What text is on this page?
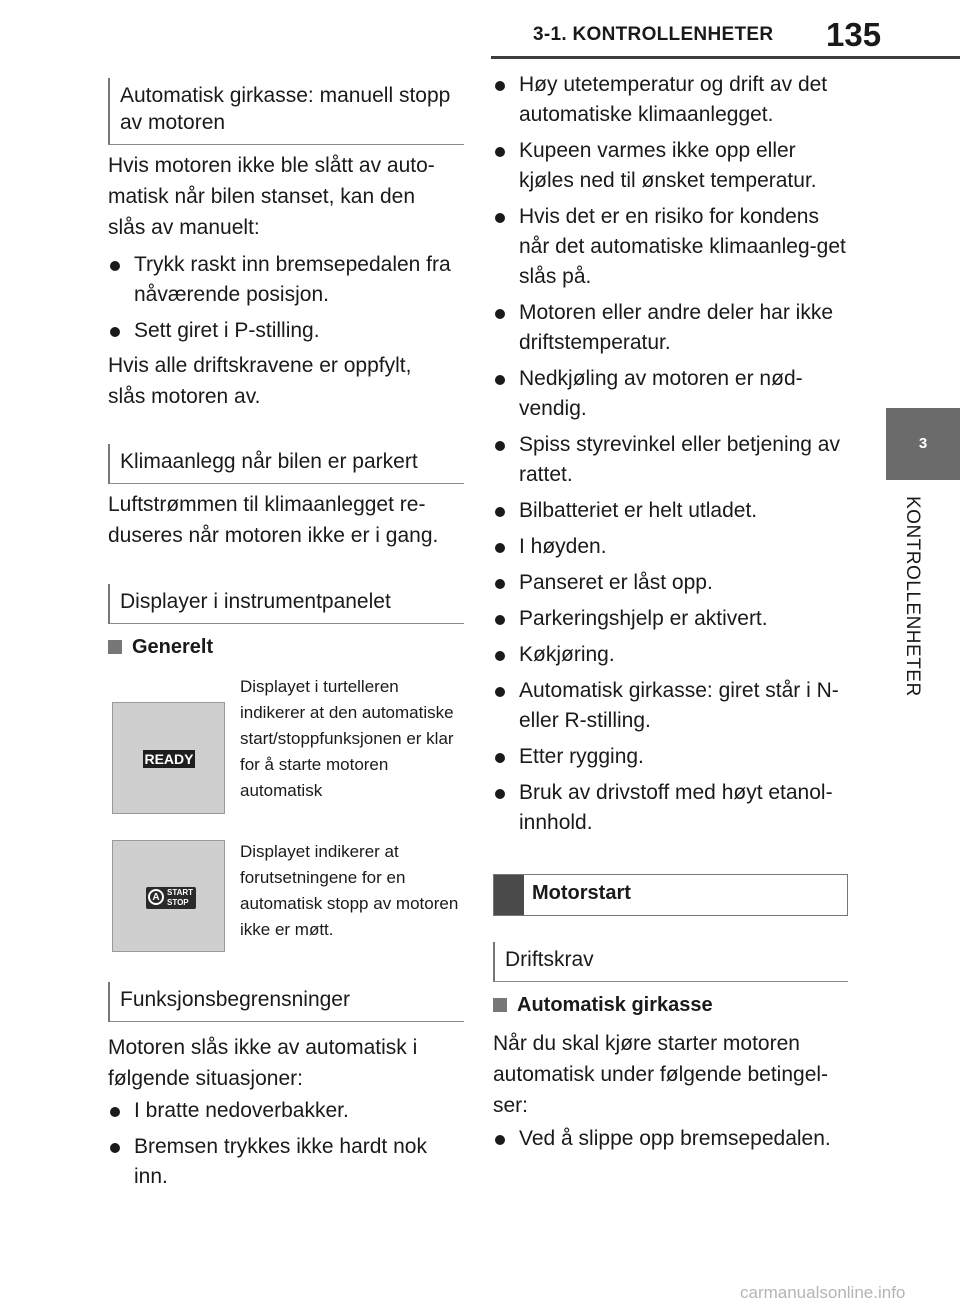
3-1. KONTROLLENHETER 135
3
KONTROLLENHETER
Automatisk girkasse: manuell stopp av motoren
Hvis motoren ikke ble slått av auto-matisk når bilen stanset, kan den slås av manuelt:
Trykk raskt inn bremsepedalen fra nåværende posisjon.
Sett giret i P-stilling.
Hvis alle driftskravene er oppfylt, slås motoren av.
Klimaanlegg når bilen er parkert
Luftstrømmen til klimaanlegget re-duseres når motoren ikke er i gang.
Displayer i instrumentpanelet
Generelt
READY
Displayet i turtelleren indikerer at den automatiske start/stoppfunksjonen er klar for å starte motoren automatisk
A START
STOP
Displayet indikerer at forutsetningene for en automatisk stopp av motoren ikke er møtt.
Funksjonsbegrensninger
Motoren slås ikke av automatisk i følgende situasjoner:
I bratte nedoverbakker.
Bremsen trykkes ikke hardt nok inn.
Høy utetemperatur og drift av det automatiske klimaanlegget.
Kupeen varmes ikke opp eller kjøles ned til ønsket temperatur.
Hvis det er en risiko for kondens når det automatiske klimaanleg-get slås på.
Motoren eller andre deler har ikke driftstemperatur.
Nedkjøling av motoren er nød-vendig.
Spiss styrevinkel eller betjening av rattet.
Bilbatteriet er helt utladet.
I høyden.
Panseret er låst opp.
Parkeringshjelp er aktivert.
Køkjøring.
Automatisk girkasse: giret står i N- eller R-stilling.
Etter rygging.
Bruk av drivstoff med høyt etanol-innhold.
Motorstart
Driftskrav
Automatisk girkasse
Når du skal kjøre starter motoren automatisk under følgende betingel-ser:
Ved å slippe opp bremsepedalen.
carmanualsonline.info
